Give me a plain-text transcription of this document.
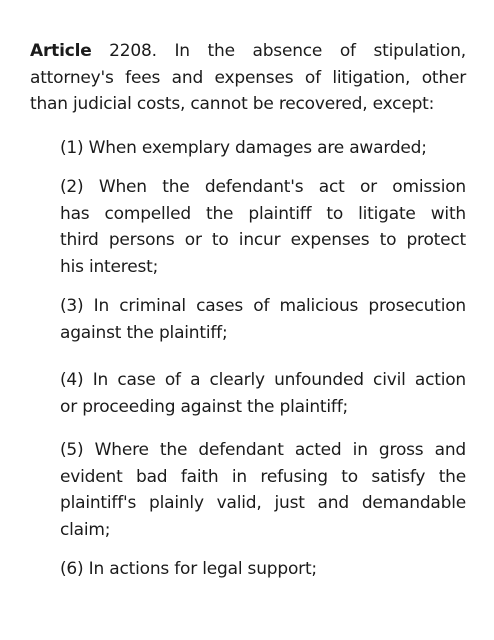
Article 2208. In the absence of stipulation,
attorney's fees and expenses of litigation, other
than judicial costs, cannot be recovered, except:
(1) When exemplary damages are awarded;
(2) When the defendant's act or omission
has compelled the plaintiff to litigate with
third persons or to incur expenses to protect
his interest;
(3) In criminal cases of malicious prosecution
against the plaintiff;
(4) In case of a clearly unfounded civil action
or proceeding against the plaintiff;
(5) Where the defendant acted in gross and
evident bad faith in refusing to satisfy the
plaintiff's plainly valid, just and demandable
claim;
(6) In actions for legal support;
